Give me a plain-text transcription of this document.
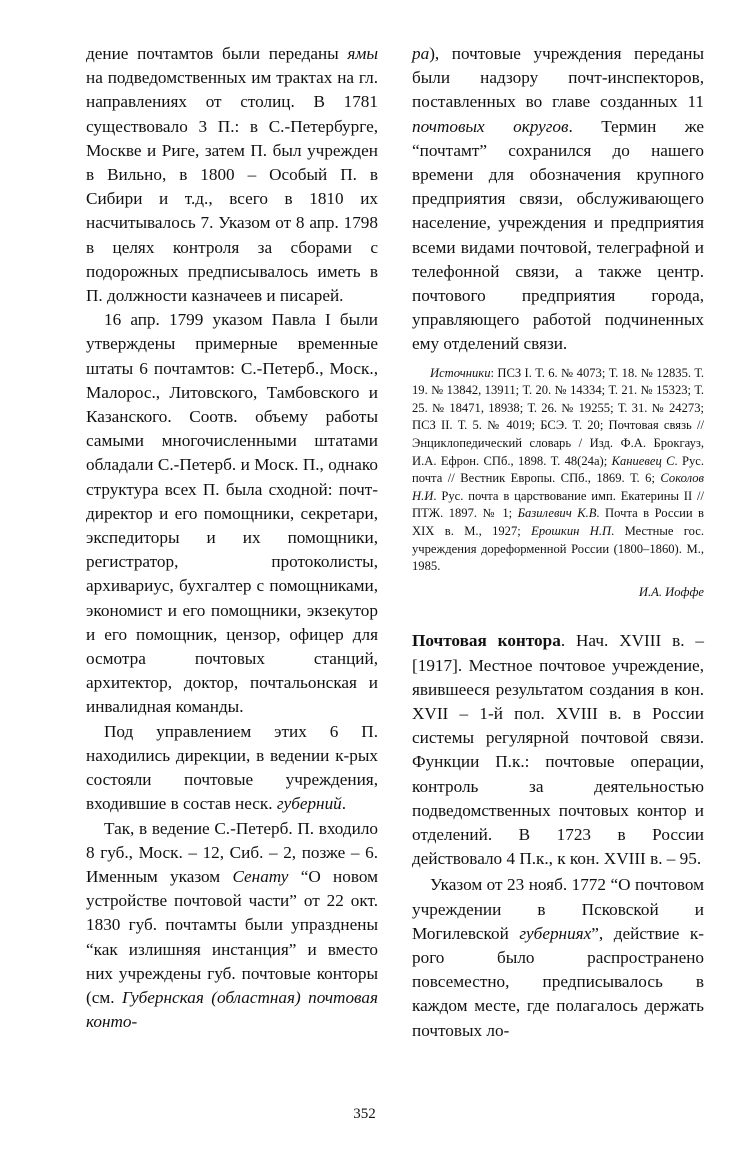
дение почтамтов были переданы ямы на подведомственных им трактах на гл. направлениях от столиц. В 1781 существовало 3 П.: в С.-Петербурге, Москве и Риге, затем П. был учрежден в Вильно, в 1800 – Особый П. в Сибири и т.д., всего в 1810 их насчитывалось 7. Указом от 8 апр. 1798 в целях контроля за сборами с подорожных предписывалось иметь в П. должности казначеев и писарей.

16 апр. 1799 указом Павла I были утверждены примерные временные штаты 6 почтамтов: С.-Петерб., Моск., Малорос., Литовского, Тамбовского и Казанского. Соотв. объему работы самыми многочисленными штатами обладали С.-Петерб. и Моск. П., однако структура всех П. была сходной: почт-директор и его помощники, секретари, экспедиторы и их помощники, регистратор, протоколисты, архивариус, бухгалтер с помощниками, экономист и его помощники, экзекутор и его помощник, цензор, офицер для осмотра почтовых станций, архитектор, доктор, почтальонская и инвалидная команды.

Под управлением этих 6 П. находились дирекции, в ведении к-рых состояли почтовые учреждения, входившие в состав неск. губерний.

Так, в ведение С.-Петерб. П. входило 8 губ., Моск. – 12, Сиб. – 2, позже – 6. Именным указом Сенату “О новом устройстве почтовой части” от 22 окт. 1830 губ. почтамты были упразднены “как излишняя инстанция” и вместо них учреждены губ. почтовые конторы (см. Губернская (областная) почтовая конто-

ра), почтовые учреждения переданы были надзору почт-инспекторов, поставленных во главе созданных 11 почтовых округов. Термин же “почтамт” сохранился до нашего времени для обозначения крупного предприятия связи, обслуживающего население, учреждения и предприятия всеми видами почтовой, телеграфной и телефонной связи, а также центр. почтового предприятия города, управляющего работой подчиненных ему отделений связи.

Источники: ПСЗ I. Т. 6. № 4073; Т. 18. № 12835. Т. 19. № 13842, 13911; Т. 20. № 14334; Т. 21. № 15323; Т. 25. № 18471, 18938; Т. 26. № 19255; Т. 31. № 24273; ПСЗ II. Т. 5. № 4019; БСЭ. Т. 20; Почтовая связь // Энциклопедический словарь / Изд. Ф.А. Брокгауз, И.А. Ефрон. СПб., 1898. Т. 48(24а); Каниевец С. Рус. почта // Вестник Европы. СПб., 1869. Т. 6; Соколов Н.И. Рус. почта в царствование имп. Екатерины II // ПТЖ. 1897. № 1; Базилевич К.В. Почта в России в XIX в. М., 1927; Ерошкин Н.П. Местные гос. учреждения дореформенной России (1800–1860). М., 1985.

И.А. Иоффе

Почтовая контора. Нач. XVIII в. – [1917]. Местное почтовое учреждение, явившееся результатом создания в кон. XVII – 1-й пол. XVIII в. в России системы регулярной почтовой связи. Функции П.к.: почтовые операции, контроль за деятельностью подведомственных почтовых контор и отделений. В 1723 в России действовало 4 П.к., к кон. XVIII в. – 95.

Указом от 23 нояб. 1772 “О почтовом учреждении в Псковской и Могилевской губерниях”, действие к-рого было распространено повсеместно, предписывалось в каждом месте, где полагалось держать почтовых ло-

352
